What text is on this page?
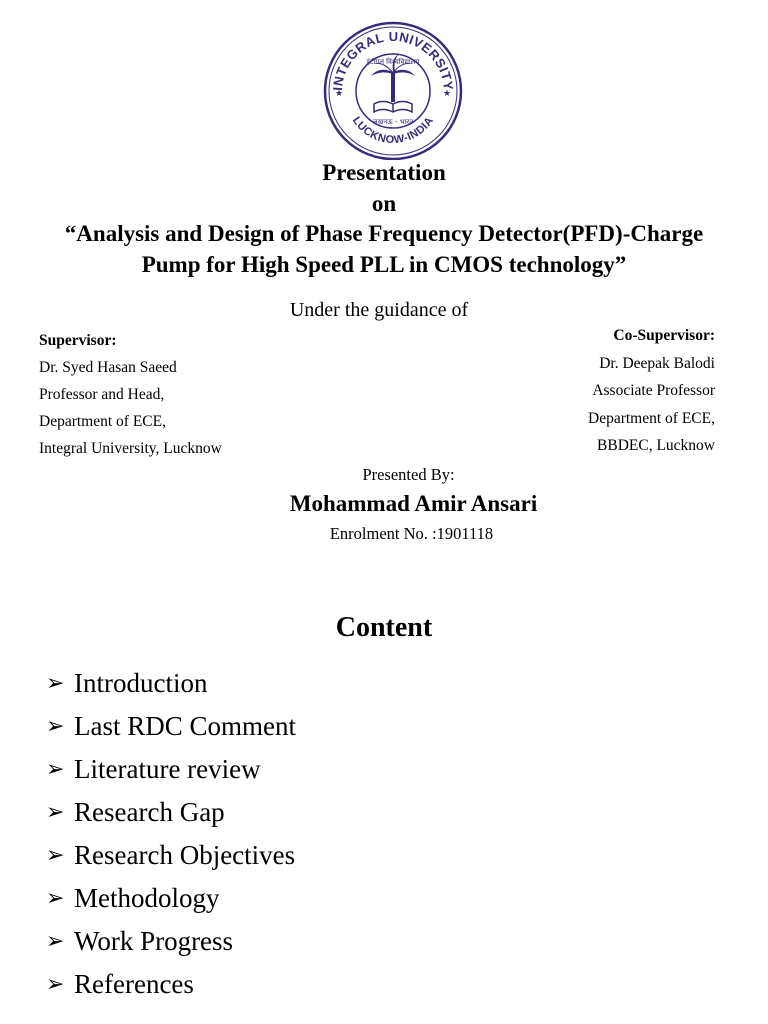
INTEGRAL UNIVERSITY
LUCKNOW-INDIA
★	★
इंटीग्रल विश्वविद्यालय
लखनऊ - भारत
Presentation
on
“Analysis and Design of Phase Frequency Detector(PFD)-Charge
Pump for High Speed PLL in CMOS technology”
Under the guidance of
Supervisor:
Dr. Syed Hasan Saeed
Professor and Head,
Department of ECE,
Integral University, Lucknow
Co-Supervisor:
Dr. Deepak Balodi
Associate Professor
Department of ECE,
BBDEC, Lucknow
Presented By:
Mohammad Amir Ansari
Enrolment No. :1901118
Content
➢ Introduction
➢ Last RDC Comment
➢ Literature review
➢ Research Gap
➢ Research Objectives
➢ Methodology
➢ Work Progress
➢ References
